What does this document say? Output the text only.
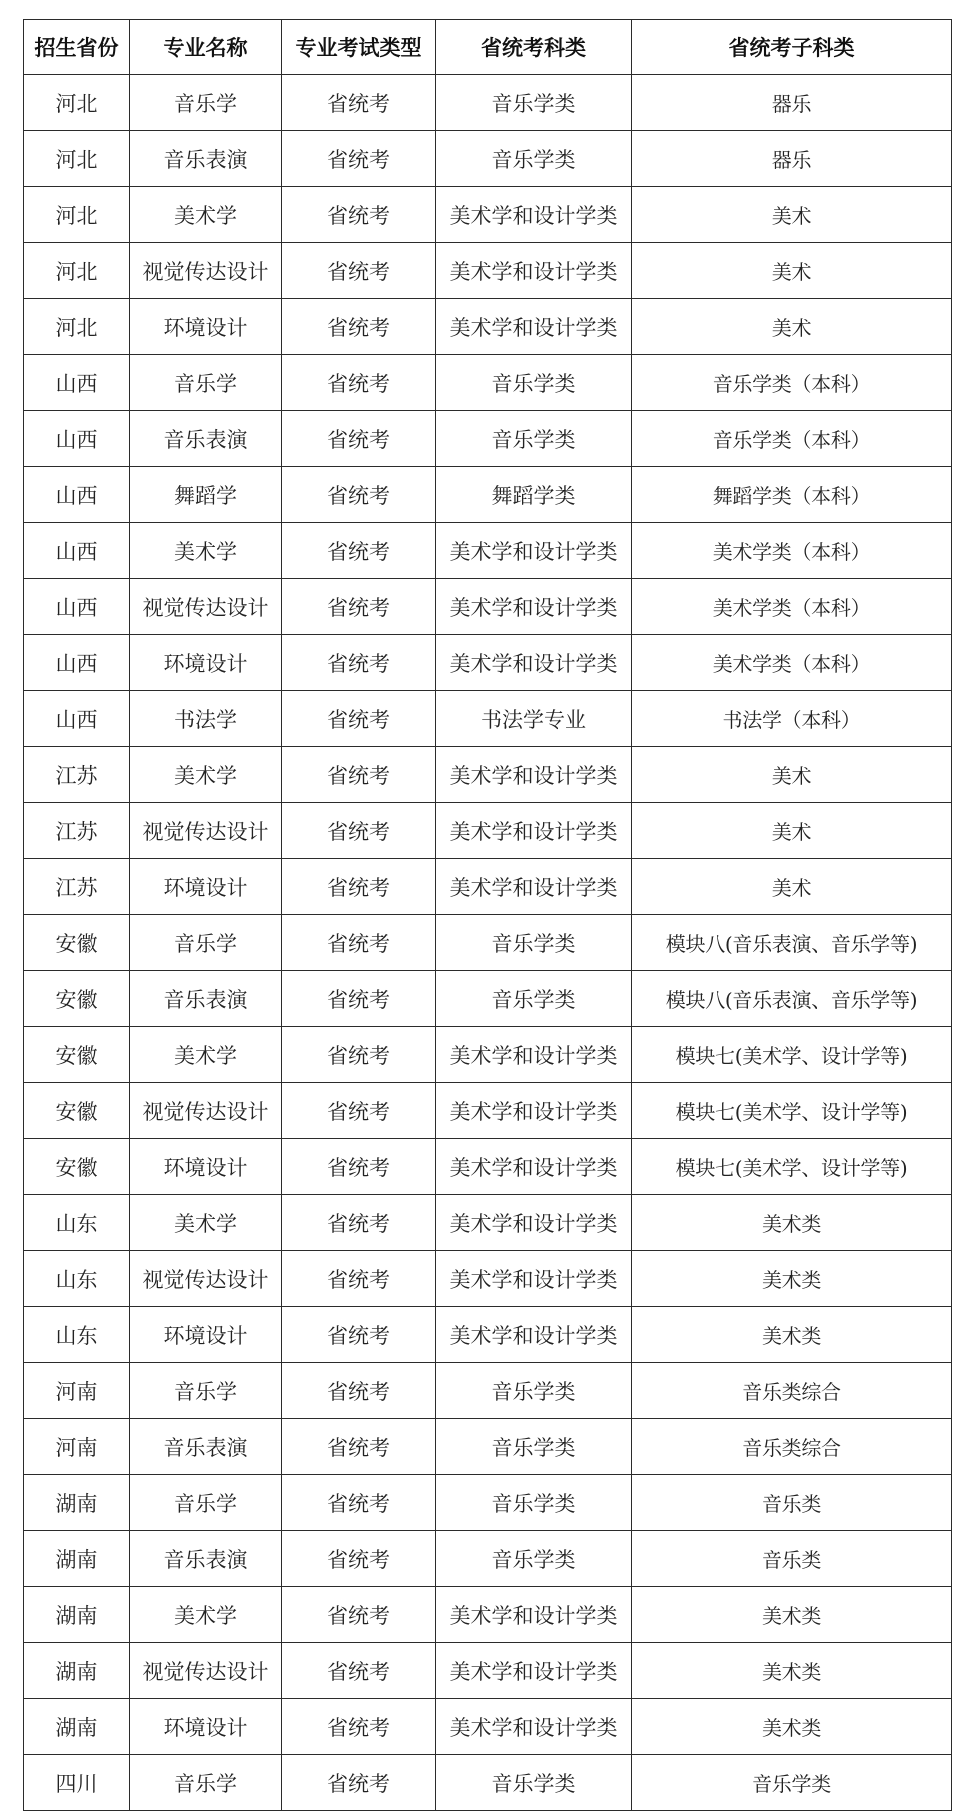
招生省份	专业名称	专业考试类型	省统考科类	省统考子科类
河北	音乐学	省统考	音乐学类	器乐
河北	音乐表演	省统考	音乐学类	器乐
河北	美术学	省统考	美术学和设计学类	美术
河北	视觉传达设计	省统考	美术学和设计学类	美术
河北	环境设计	省统考	美术学和设计学类	美术
山西	音乐学	省统考	音乐学类	音乐学类（本科）
山西	音乐表演	省统考	音乐学类	音乐学类（本科）
山西	舞蹈学	省统考	舞蹈学类	舞蹈学类（本科）
山西	美术学	省统考	美术学和设计学类	美术学类（本科）
山西	视觉传达设计	省统考	美术学和设计学类	美术学类（本科）
山西	环境设计	省统考	美术学和设计学类	美术学类（本科）
山西	书法学	省统考	书法学专业	书法学（本科）
江苏	美术学	省统考	美术学和设计学类	美术
江苏	视觉传达设计	省统考	美术学和设计学类	美术
江苏	环境设计	省统考	美术学和设计学类	美术
安徽	音乐学	省统考	音乐学类	模块八(音乐表演、音乐学等)
安徽	音乐表演	省统考	音乐学类	模块八(音乐表演、音乐学等)
安徽	美术学	省统考	美术学和设计学类	模块七(美术学、设计学等)
安徽	视觉传达设计	省统考	美术学和设计学类	模块七(美术学、设计学等)
安徽	环境设计	省统考	美术学和设计学类	模块七(美术学、设计学等)
山东	美术学	省统考	美术学和设计学类	美术类
山东	视觉传达设计	省统考	美术学和设计学类	美术类
山东	环境设计	省统考	美术学和设计学类	美术类
河南	音乐学	省统考	音乐学类	音乐类综合
河南	音乐表演	省统考	音乐学类	音乐类综合
湖南	音乐学	省统考	音乐学类	音乐类
湖南	音乐表演	省统考	音乐学类	音乐类
湖南	美术学	省统考	美术学和设计学类	美术类
湖南	视觉传达设计	省统考	美术学和设计学类	美术类
湖南	环境设计	省统考	美术学和设计学类	美术类
四川	音乐学	省统考	音乐学类	音乐学类
